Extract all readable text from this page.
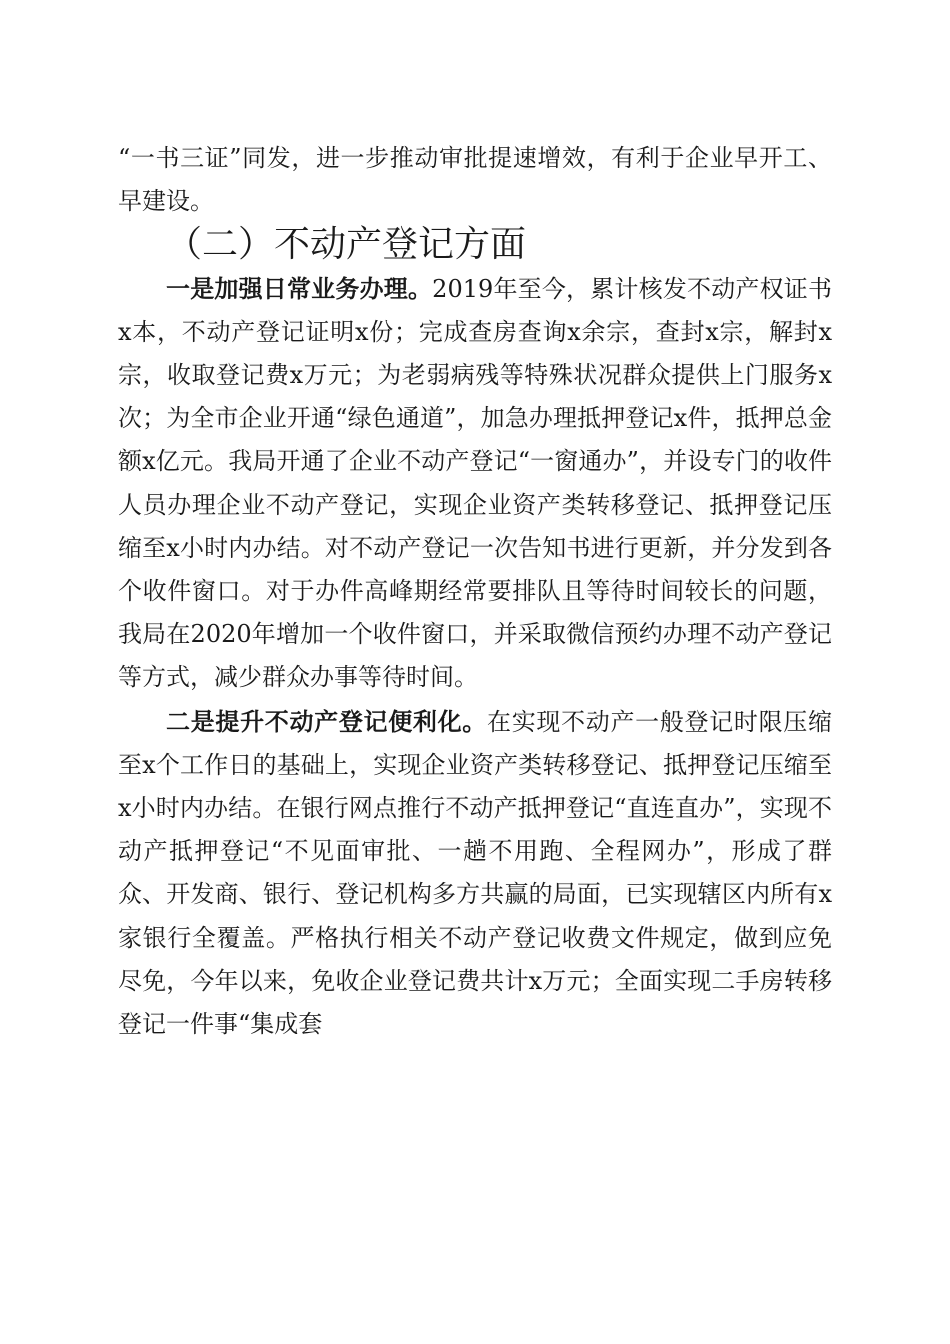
“一书三证”同发，进一步推动审批提速增效，有利于企业早开工、早建设。

（二）不动产登记方面

一是加强日常业务办理。2019年至今，累计核发不动产权证书x本，不动产登记证明x份；完成查房查询x余宗，查封x宗，解封x宗，收取登记费x万元；为老弱病残等特殊状况群众提供上门服务x次；为全市企业开通“绿色通道”，加急办理抵押登记x件，抵押总金额x亿元。我局开通了企业不动产登记“一窗通办”，并设专门的收件人员办理企业不动产登记，实现企业资产类转移登记、抵押登记压缩至x小时内办结。对不动产登记一次告知书进行更新，并分发到各个收件窗口。对于办件高峰期经常要排队且等待时间较长的问题，我局在2020年增加一个收件窗口，并采取微信预约办理不动产登记等方式，减少群众办事等待时间。

二是提升不动产登记便利化。在实现不动产一般登记时限压缩至x个工作日的基础上，实现企业资产类转移登记、抵押登记压缩至x小时内办结。在银行网点推行不动产抵押登记“直连直办”，实现不动产抵押登记“不见面审批、一趟不用跑、全程网办”，形成了群众、开发商、银行、登记机构多方共赢的局面，已实现辖区内所有x家银行全覆盖。严格执行相关不动产登记收费文件规定，做到应免尽免，今年以来，免收企业登记费共计x万元；全面实现二手房转移登记一件事“集成套
